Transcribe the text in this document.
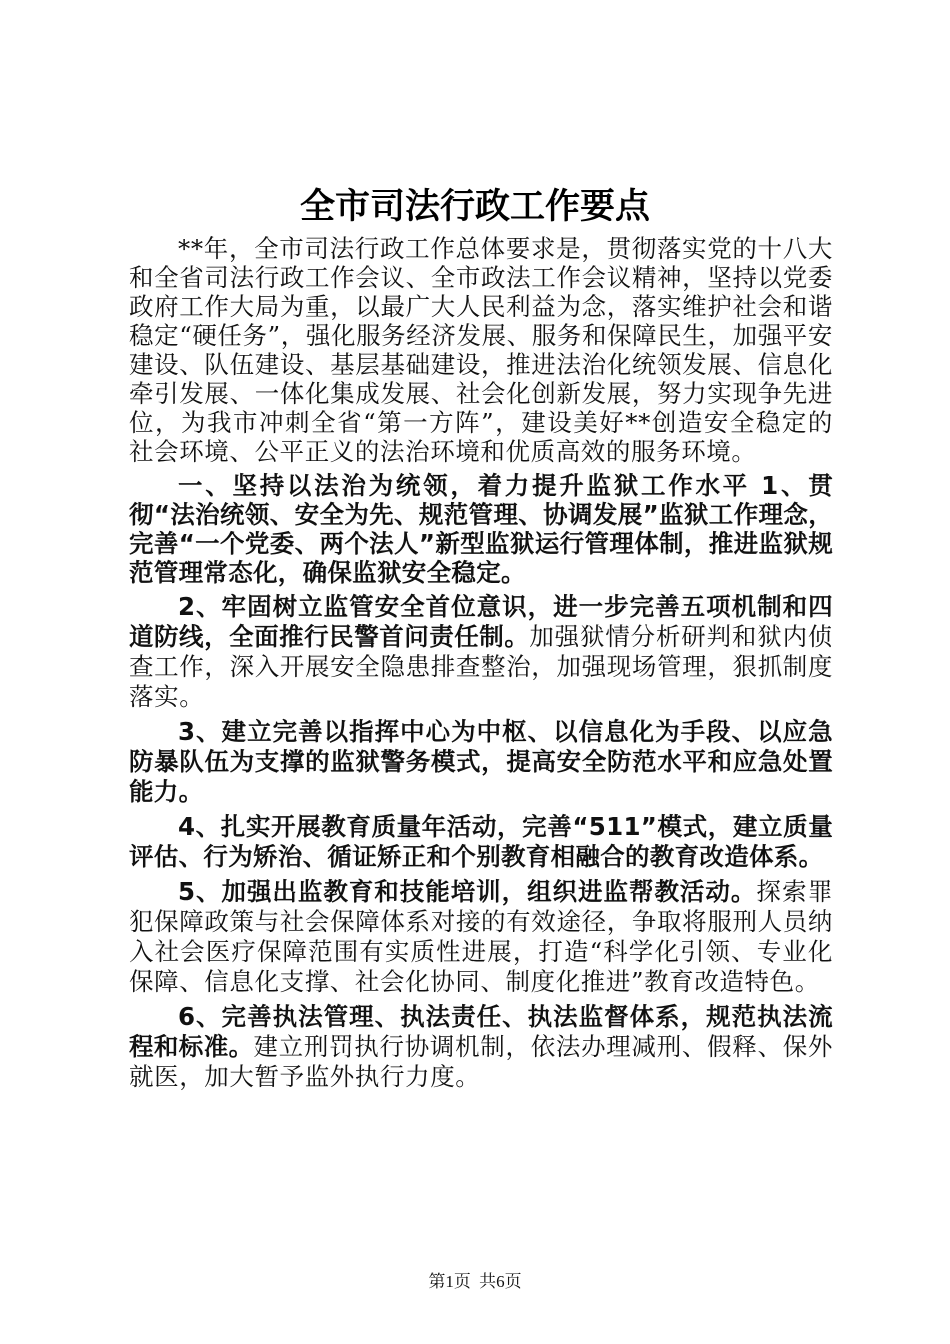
全市司法行政工作要点

**年，全市司法行政工作总体要求是，贯彻落实党的十八大和全省司法行政工作会议、全市政法工作会议精神，坚持以党委政府工作大局为重，以最广大人民利益为念，落实维护社会和谐稳定“硬任务”，强化服务经济发展、服务和保障民生，加强平安建设、队伍建设、基层基础建设，推进法治化统领发展、信息化牵引发展、一体化集成发展、社会化创新发展，努力实现争先进位，为我市冲刺全省“第一方阵”，建设美好**创造安全稳定的社会环境、公平正义的法治环境和优质高效的服务环境。

一、坚持以法治为统领，着力提升监狱工作水平 1、贯彻“法治统领、安全为先、规范管理、协调发展”监狱工作理念，完善“一个党委、两个法人”新型监狱运行管理体制，推进监狱规范管理常态化，确保监狱安全稳定。

2、牢固树立监管安全首位意识，进一步完善五项机制和四道防线，全面推行民警首问责任制。加强狱情分析研判和狱内侦查工作，深入开展安全隐患排查整治，加强现场管理，狠抓制度落实。

3、建立完善以指挥中心为中枢、以信息化为手段、以应急防暴队伍为支撑的监狱警务模式，提高安全防范水平和应急处置能力。

4、扎实开展教育质量年活动，完善“511”模式，建立质量评估、行为矫治、循证矫正和个别教育相融合的教育改造体系。

5、加强出监教育和技能培训，组织进监帮教活动。探索罪犯保障政策与社会保障体系对接的有效途径，争取将服刑人员纳入社会医疗保障范围有实质性进展，打造“科学化引领、专业化保障、信息化支撑、社会化协同、制度化推进”教育改造特色。

6、完善执法管理、执法责任、执法监督体系，规范执法流程和标准。建立刑罚执行协调机制，依法办理减刑、假释、保外就医，加大暂予监外执行力度。

第1页 共6页
